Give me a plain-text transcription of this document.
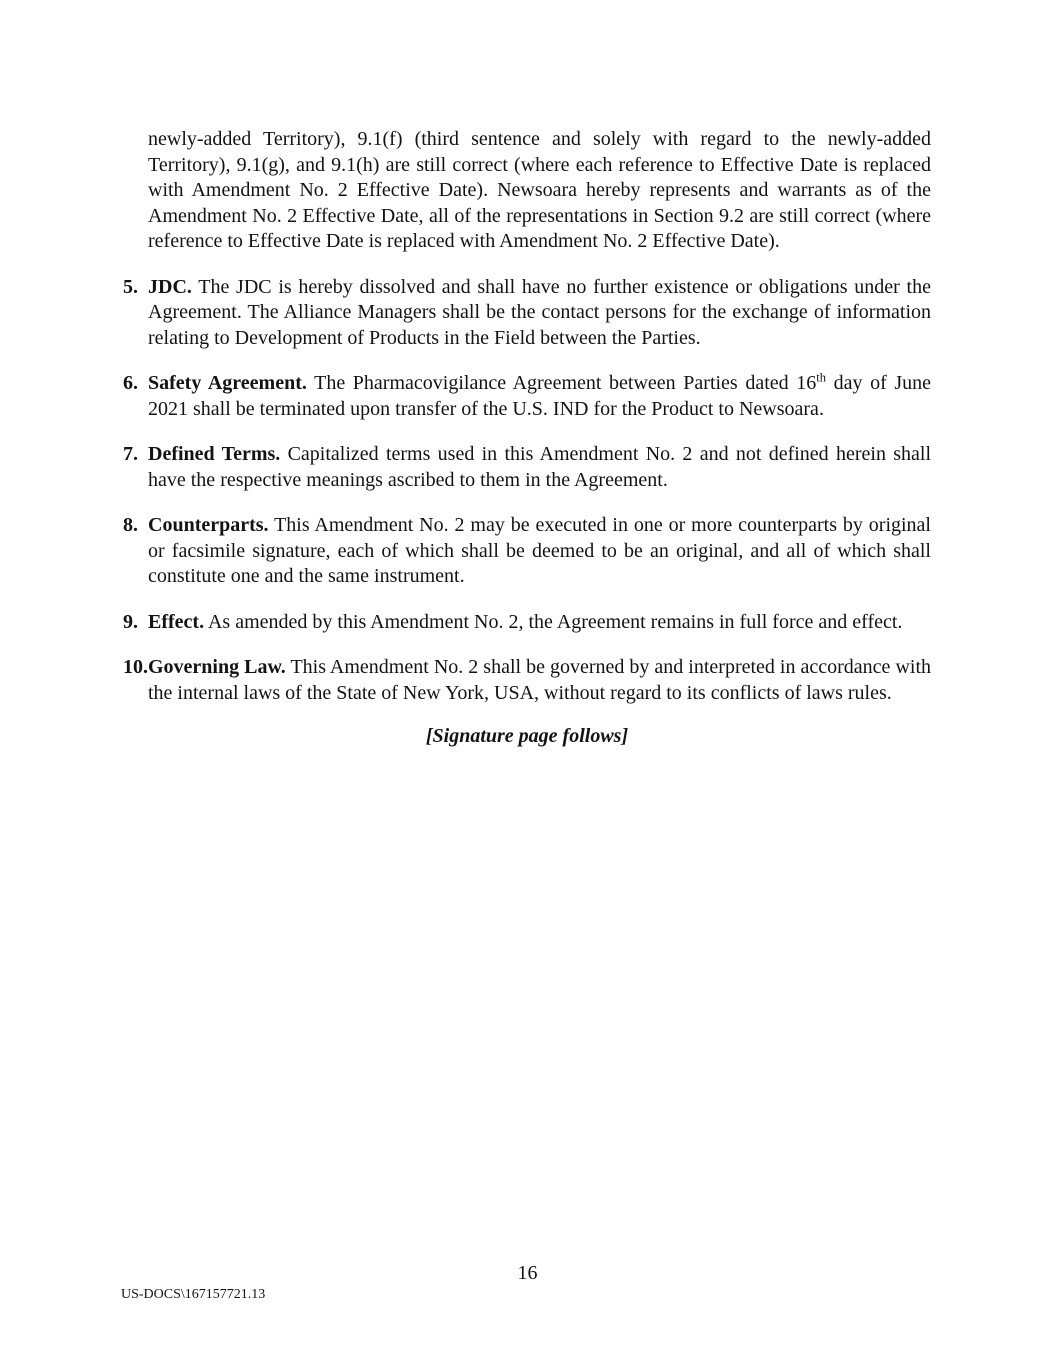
newly-added Territory), 9.1(f) (third sentence and solely with regard to the newly-added Territory), 9.1(g), and 9.1(h) are still correct (where each reference to Effective Date is replaced with Amendment No. 2 Effective Date). Newsoara hereby represents and warrants as of the Amendment No. 2 Effective Date, all of the representations in Section 9.2 are still correct (where reference to Effective Date is replaced with Amendment No. 2 Effective Date).
5. JDC. The JDC is hereby dissolved and shall have no further existence or obligations under the Agreement. The Alliance Managers shall be the contact persons for the exchange of information relating to Development of Products in the Field between the Parties.
6. Safety Agreement. The Pharmacovigilance Agreement between Parties dated 16th day of June 2021 shall be terminated upon transfer of the U.S. IND for the Product to Newsoara.
7. Defined Terms. Capitalized terms used in this Amendment No. 2 and not defined herein shall have the respective meanings ascribed to them in the Agreement.
8. Counterparts. This Amendment No. 2 may be executed in one or more counterparts by original or facsimile signature, each of which shall be deemed to be an original, and all of which shall constitute one and the same instrument.
9. Effect. As amended by this Amendment No. 2, the Agreement remains in full force and effect.
10. Governing Law. This Amendment No. 2 shall be governed by and interpreted in accordance with the internal laws of the State of New York, USA, without regard to its conflicts of laws rules.
[Signature page follows]
16
US-DOCS\167157721.13
